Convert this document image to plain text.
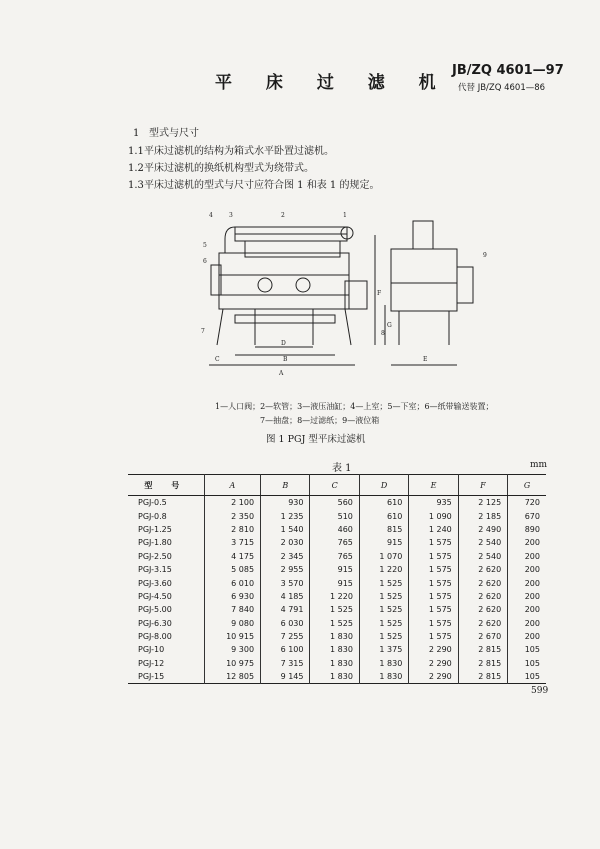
平 床 过 滤 机
JB/ZQ 4601—97
代替 JB/ZQ 4601—86
1 型式与尺寸
1.1平床过滤机的结构为箱式水平卧置过滤机。
1.2平床过滤机的换纸机构型式为绕带式。
1.3平床过滤机的型式与尺寸应符合图 1 和表 1 的规定。
4	3	2	1
5
6
7	8
9
A
B
C
D
E
F
G
1—人口阀；2—软管；3—液压油缸；4—上室；5—下室；6—纸带输送装置；
7—抽盘；8—过滤纸；9—液位箱
图 1 PGJ 型平床过滤机
表 1	mm
型 号	A	B	C	D	E	F	G
PGJ-0.5	2 100	930	560	610	935	2 125	720
PGJ-0.8	2 350	1 235	510	610	1 090	2 185	670
PGJ-1.25	2 810	1 540	460	815	1 240	2 490	890
PGJ-1.80	3 715	2 030	765	915	1 575	2 540	200
PGJ-2.50	4 175	2 345	765	1 070	1 575	2 540	200
PGJ-3.15	5 085	2 955	915	1 220	1 575	2 620	200
PGJ-3.60	6 010	3 570	915	1 525	1 575	2 620	200
PGJ-4.50	6 930	4 185	1 220	1 525	1 575	2 620	200
PGJ-5.00	7 840	4 791	1 525	1 525	1 575	2 620	200
PGJ-6.30	9 080	6 030	1 525	1 525	1 575	2 620	200
PGJ-8.00	10 915	7 255	1 830	1 525	1 575	2 670	200
PGJ-10	9 300	6 100	1 830	1 375	2 290	2 815	105
PGJ-12	10 975	7 315	1 830	1 830	2 290	2 815	105
PGJ-15	12 805	9 145	1 830	1 830	2 290	2 815	105
599
